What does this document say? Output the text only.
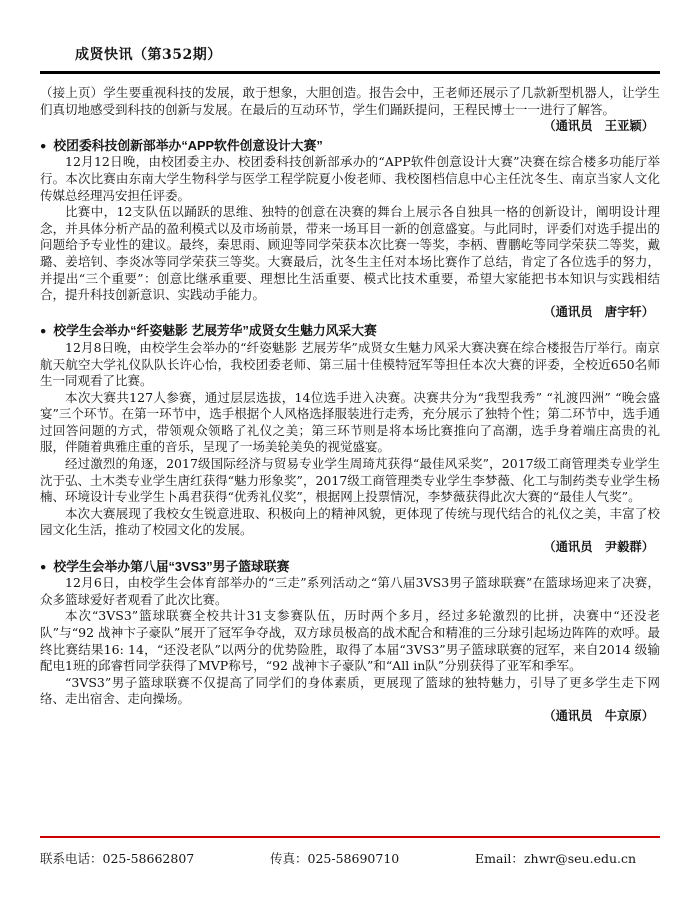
成贤快讯（第352期）

（接上页）学生要重视科技的发展，敢于想象，大胆创造。报告会中，王老师还展示了几款新型机器人，让学生们真切地感受到科技的创新与发展。在最后的互动环节，学生们踊跃提问，王程民博士一一进行了解答。

（通讯员　王亚颖）
● 校团委科技创新部举办“APP软件创意设计大赛”

12月12日晚，由校团委主办、校团委科技创新部承办的“APP软件创意设计大赛”决赛在综合楼多功能厅举行。本次比赛由东南大学生物科学与医学工程学院夏小俊老师、我校图档信息中心主任沈冬生、南京当家人文化传媒总经理冯安担任评委。

比赛中，12支队伍以踊跃的思维、独特的创意在决赛的舞台上展示各自独具一格的创新设计，阐明设计理念，并具体分析产品的盈利模式以及市场前景，带来一场耳目一新的创意盛宴。与此同时，评委们对选手提出的问题给予专业性的建议。最终，秦思雨、顾迎等同学荣获本次比赛一等奖，李柄、曹鹏屹等同学荣获二等奖，戴璐、姜培钊、李炎冰等同学荣获三等奖。大赛最后，沈冬生主任对本场比赛作了总结，肯定了各位选手的努力，并提出“三个重要”：创意比继承重要、理想比生活重要、模式比技术重要，希望大家能把书本知识与实践相结合，提升科技创新意识、实践动手能力。

（通讯员　唐宇轩）
● 校学生会举办“纤姿魅影 艺展芳华”成贤女生魅力风采大赛

12月8日晚，由校学生会举办的“纤姿魅影 艺展芳华”成贤女生魅力风采大赛决赛在综合楼报告厅举行。南京航天航空大学礼仪队队长许心怡，我校团委老师、第三届十佳模特冠军等担任本次大赛的评委，全校近650名师生一同观看了比赛。

本次大赛共127人参赛，通过层层选拔，14位选手进入决赛。决赛共分为“我型我秀” “礼渡四洲” “晚会盛宴”三个环节。在第一环节中，选手根据个人风格选择服装进行走秀，充分展示了独特个性；第二环节中，选手通过回答问题的方式，带领观众领略了礼仪之美；第三环节则是将本场比赛推向了高潮，选手身着端庄高贵的礼服，伴随着典雅庄重的音乐，呈现了一场美轮美奂的视觉盛宴。

经过激烈的角逐，2017级国际经济与贸易专业学生周琦芃获得“最佳风采奖”，2017级工商管理类专业学生沈于弘、土木类专业学生唐红获得“魅力形象奖”，2017级工商管理类专业学生李梦薇、化工与制药类专业学生杨楠、环境设计专业学生卜禹君获得“优秀礼仪奖”，根据网上投票情况，李梦薇获得此次大赛的“最佳人气奖”。

本次大赛展现了我校女生锐意进取、积极向上的精神风貌，更体现了传统与现代结合的礼仪之美，丰富了校园文化生活，推动了校园文化的发展。

（通讯员　尹毅群）
● 校学生会举办第八届“3VS3”男子篮球联赛

12月6日，由校学生会体育部举办的“三走”系列活动之“第八届3VS3男子篮球联赛”在篮球场迎来了决赛，众多篮球爱好者观看了此次比赛。

本次“3VS3”篮球联赛全校共计31支参赛队伍，历时两个多月，经过多轮激烈的比拼，决赛中“还没老队”与“92 战神卞子豪队”展开了冠军争夺战，双方球员极高的战术配合和精准的三分球引起场边阵阵的欢呼。最终比赛结果16: 14，“还没老队”以两分的优势险胜，取得了本届“3VS3”男子篮球联赛的冠军，来自2014 级输配电1班的邱睿哲同学获得了MVP称号，“92 战神卞子豪队”和“All in队”分别获得了亚军和季军。

“3VS3”男子篮球联赛不仅提高了同学们的身体素质，更展现了篮球的独特魅力，引导了更多学生走下网络、走出宿舍、走向操场。

（通讯员　牛京原）
联系电话：025-58662807	传真：025-58690710	Email：zhwr@seu.edu.cn
